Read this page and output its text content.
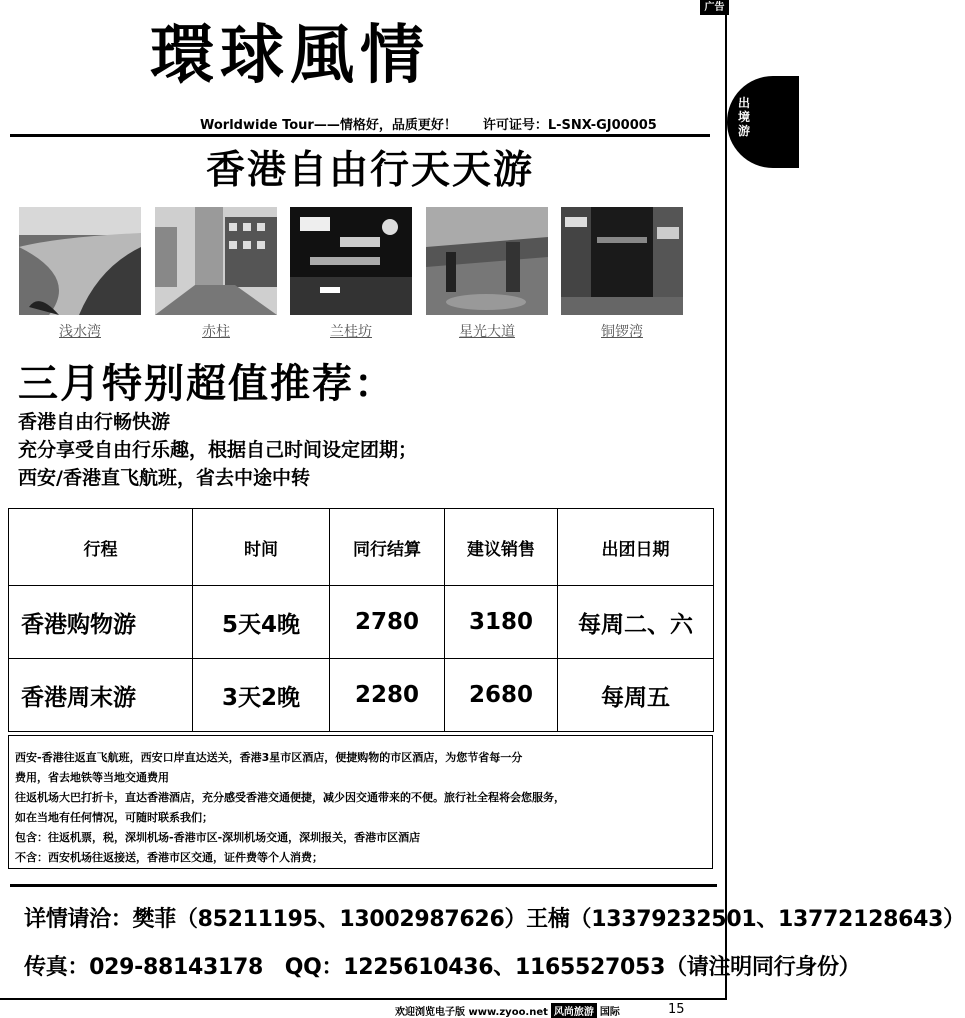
广告
出境游
環球風情
Worldwide Tour——情格好，品质更好！　　许可证号：L-SNX-GJ00005
香港自由行天天游
浅水湾	赤柱	兰桂坊	星光大道	铜锣湾
三月特别超值推荐：
香港自由行畅快游
充分享受自由行乐趣，根据自己时间设定团期；
西安/香港直飞航班，省去中途中转
行程	时间	同行结算	建议销售	出团日期
香港购物游	5天4晚	2780	3180	每周二、六
香港周末游	3天2晚	2280	2680	每周五

西安-香港往返直飞航班，西安口岸直达送关，香港3星市区酒店，便捷购物的市区酒店，为您节省每一分

费用，省去地铁等当地交通费用

往返机场大巴打折卡，直达香港酒店，充分感受香港交通便捷，减少因交通带来的不便。旅行社全程将会您服务，

如在当地有任何情况，可随时联系我们；

包含：往返机票，税，深圳机场-香港市区-深圳机场交通，深圳报关，香港市区酒店

不含：西安机场往返接送，香港市区交通，证件费等个人消费；

详情请洽：樊菲（85211195、13002987626）王楠（13379232501、13772128643）
传真：029-88143178　QQ：1225610436、1165527053（请注明同行身份）
欢迎浏览电子版 www.zyoo.net 风尚旅游 国际	15
